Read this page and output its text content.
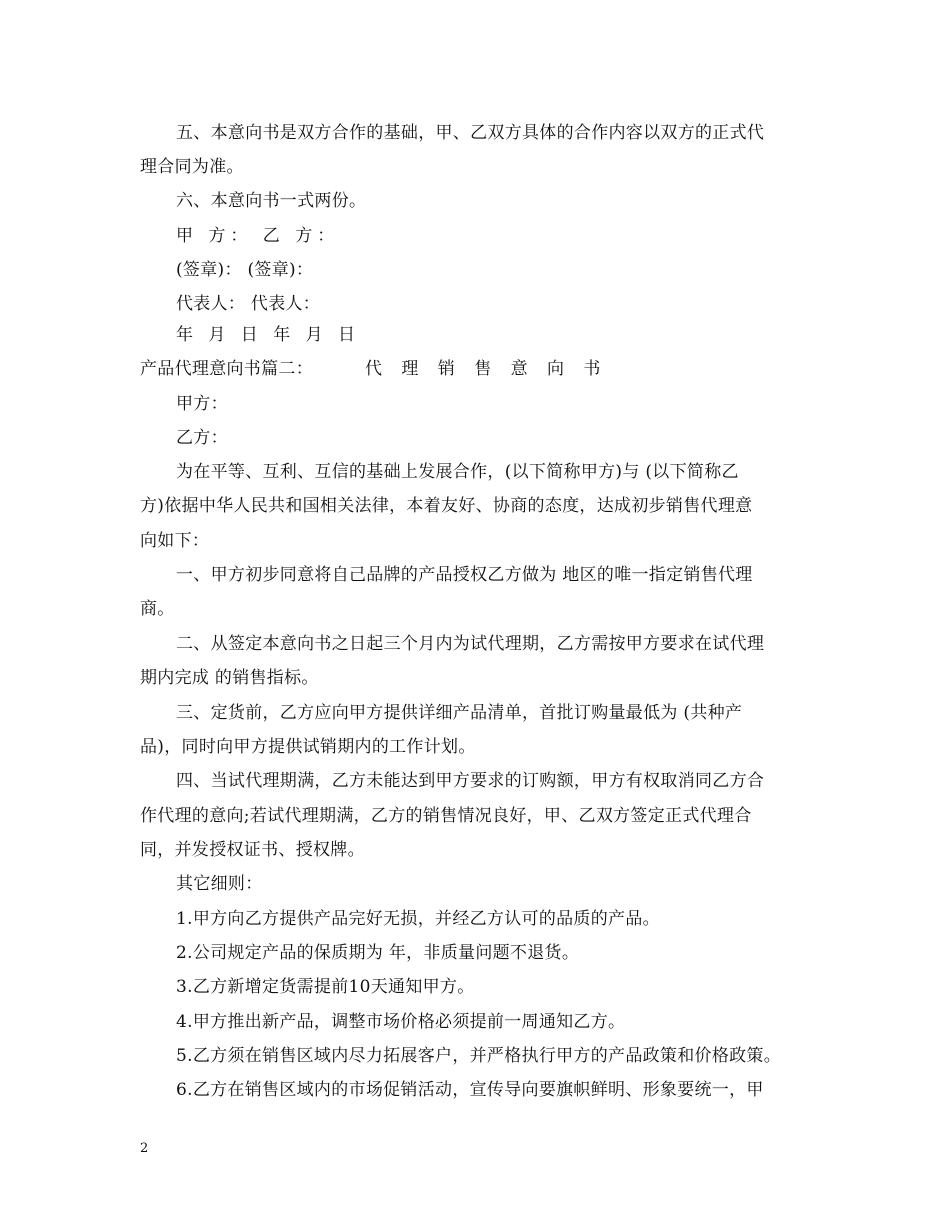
五、本意向书是双方合作的基础，甲、乙双方具体的合作内容以双方的正式代
理合同为准。
六、本意向书一式两份。
甲 方： 乙 方：
(签章)： (签章)：
代表人： 代表人：
年 月 日 年 月 日
产品代理意向书篇二：	代 理 销 售 意 向 书
甲方：
乙方：
为在平等、互利、互信的基础上发展合作，(以下简称甲方)与 (以下简称乙
方)依据中华人民共和国相关法律，本着友好、协商的态度，达成初步销售代理意
向如下：
一、甲方初步同意将自己品牌的产品授权乙方做为 地区的唯一指定销售代理
商。
二、从签定本意向书之日起三个月内为试代理期，乙方需按甲方要求在试代理
期内完成 的销售指标。
三、定货前，乙方应向甲方提供详细产品清单，首批订购量最低为 (共种产
品)，同时向甲方提供试销期内的工作计划。
四、当试代理期满，乙方未能达到甲方要求的订购额，甲方有权取消同乙方合
作代理的意向;若试代理期满，乙方的销售情况良好，甲、乙双方签定正式代理合
同，并发授权证书、授权牌。
其它细则：
1.甲方向乙方提供产品完好无损，并经乙方认可的品质的产品。
2.公司规定产品的保质期为 年，非质量问题不退货。
3.乙方新增定货需提前10天通知甲方。
4.甲方推出新产品，调整市场价格必须提前一周通知乙方。
5.乙方须在销售区域内尽力拓展客户，并严格执行甲方的产品政策和价格政策。
6.乙方在销售区域内的市场促销活动，宣传导向要旗帜鲜明、形象要统一，甲
2
